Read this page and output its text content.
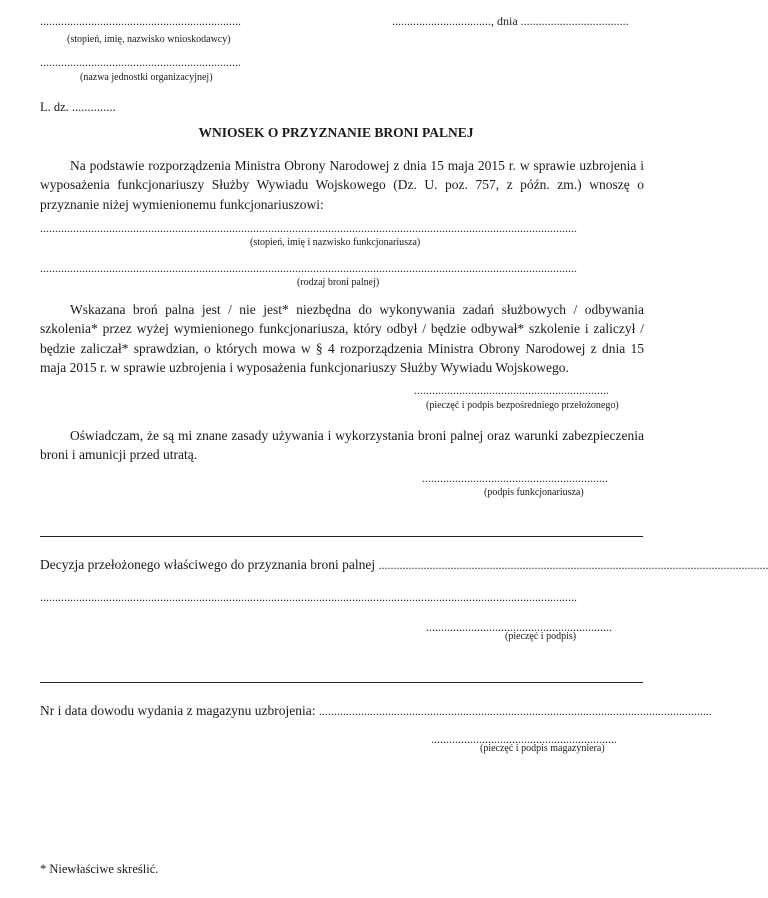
...................................................................
(stopień, imię, nazwisko wnioskodawcy)
................................., dnia ....................................
...................................................................
(nazwa jednostki organizacyjnej)
L. dz. ..............
WNIOSEK O PRZYZNANIE BRONI PALNEJ
Na podstawie rozporządzenia Ministra Obrony Narodowej z dnia 15 maja 2015 r. w sprawie uzbrojenia i wyposażenia funkcjonariuszy Służby Wywiadu Wojskowego (Dz. U. poz. 757, z późn. zm.) wnoszę o przyznanie niżej wymienionemu funkcjonariuszowi:
...................................................................................................................................................................................
(stopień, imię i nazwisko funkcjonariusza)
...................................................................................................................................................................................
(rodzaj broni palnej)
Wskazana broń palna jest / nie jest* niezbędna do wykonywania zadań służbowych / odbywania szkolenia* przez wyżej wymienionego funkcjonariusza, który odbył / będzie odbywał* szkolenie i zaliczył / będzie zaliczał* sprawdzian, o których mowa w § 4 rozporządzenia Ministra Obrony Narodowej z dnia 15 maja 2015 r. w sprawie uzbrojenia i wyposażenia funkcjonariuszy Służby Wywiadu Wojskowego.
.................................................................
(pieczęć i podpis bezpośredniego przełożonego)
Oświadczam, że są mi znane zasady używania i wykorzystania broni palnej oraz warunki zabezpieczenia broni i amunicji przed utratą.
..............................................................
(podpis funkcjonariusza)
Decyzja przełożonego właściwego do przyznania broni palnej ..................................................................................................................................
...................................................................................................................................................................................
..............................................................
(pieczęć i podpis)
Nr i data dowodu wydania z magazynu uzbrojenia: ...................................................................................................................................
..............................................................
(pieczęć i podpis magazyniera)
* Niewłaściwe skreślić.
